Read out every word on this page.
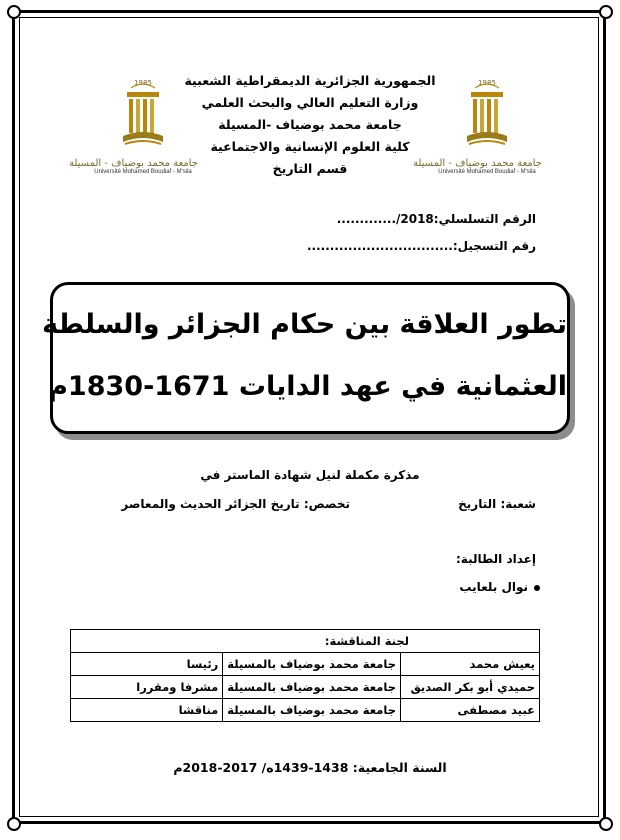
1985
جامعة محمد بوضياف - المسيلة
Université Mohamed Boudiaf - M'sila
1985
جامعة محمد بوضياف - المسيلة
Université Mohamed Boudiaf - M'sila
الجمهورية الجزائرية الديمقراطية الشعبية
وزارة التعليم العالي والبحث العلمي
جامعة محمد بوضياف -المسيلة
كلية العلوم الإنسانية والاجتماعية
قسم التاريخ
الرقم التسلسلي:............./2018
رقم التسجيل:................................
تطور العلاقة بين حكام الجزائر والسلطة
العثمانية في عهد الدايات 1671-1830م
مذكرة مكملة لنيل شهادة الماستر في
شعبة: التاريخ
تخصص: تاريخ الجزائر الحديث والمعاصر
إعداد الطالبة:
نوال بلعايب
لجنة المناقشة:		
يعيش محمد	جامعة محمد بوضياف بالمسيلة	رئيسا
حميدي أبو بكر الصديق	جامعة محمد بوضياف بالمسيلة	مشرفا ومقررا
عبيد مصطفى	جامعة محمد بوضياف بالمسيلة	مناقشا
السنة الجامعية: 1438-1439ه/ 2017-2018م
